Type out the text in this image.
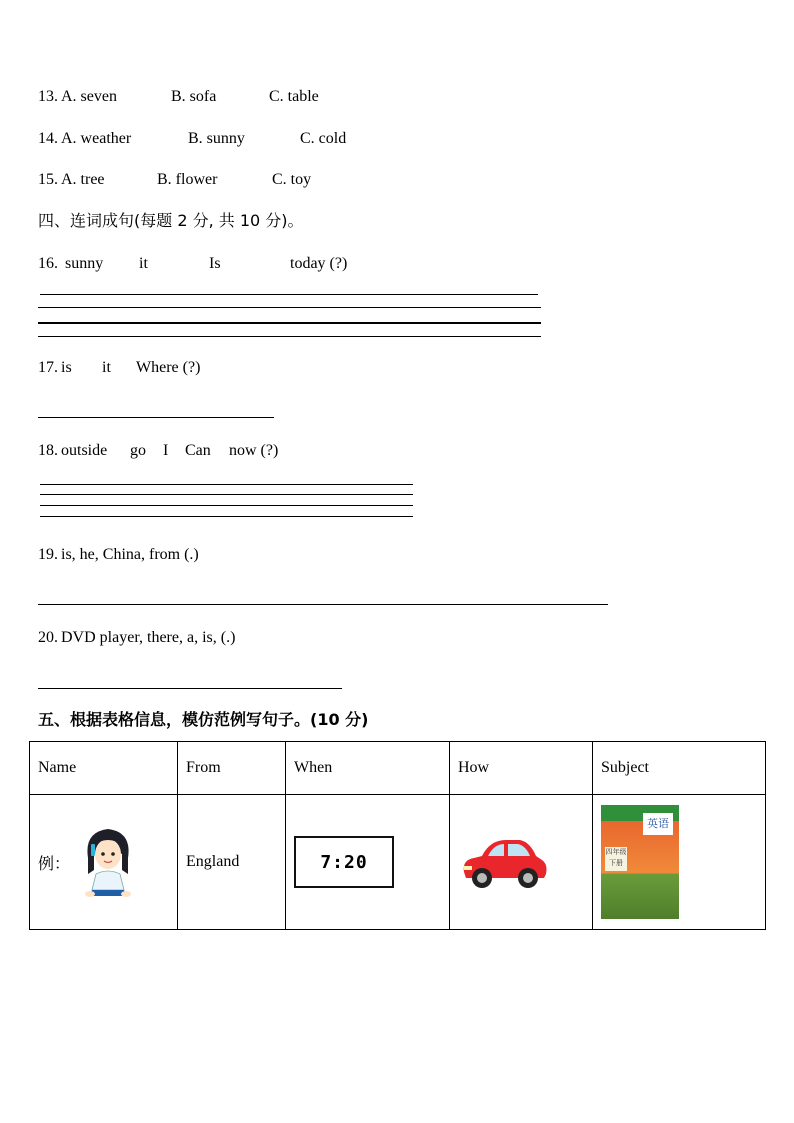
13.

A. seven

	B. sofa

	C. table

14.

A. weather

	B. sunny

	C. cold

15.

A. tree

	B. flower

	C. toy

四、连词成句(每题 2 分, 共 10 分)。

16.

sunny

it

	Is

	today (?)

17.

is

it

Where (?)

18.

outside

go

I

Can

now (?)

19.

is, he, China, from (.)

20.

DVD player, there, a, is, (.)

五、根据表格信息，模仿范例写句子。(10 分)
Name	From	When	How	Subject
例：	England	7:20		英语
四年级 下册
